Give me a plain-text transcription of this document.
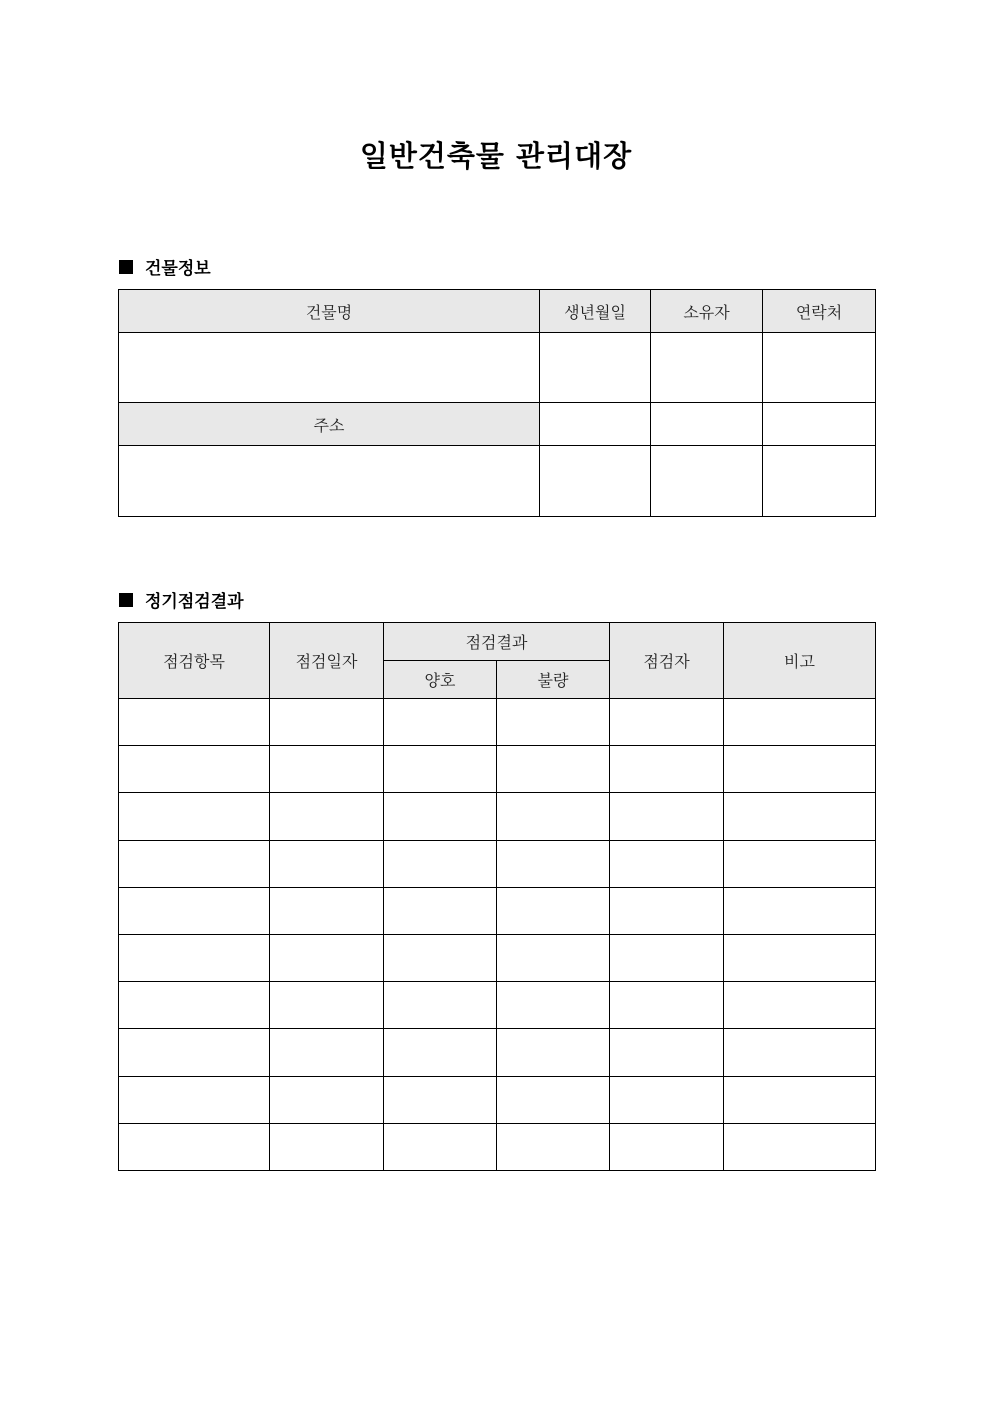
일반건축물 관리대장
건물정보
건물명	생년월일	소유자	연락처

주소			

정기점검결과
점검항목	점검일자	점검결과		점검자	비고
		양호	불량		
